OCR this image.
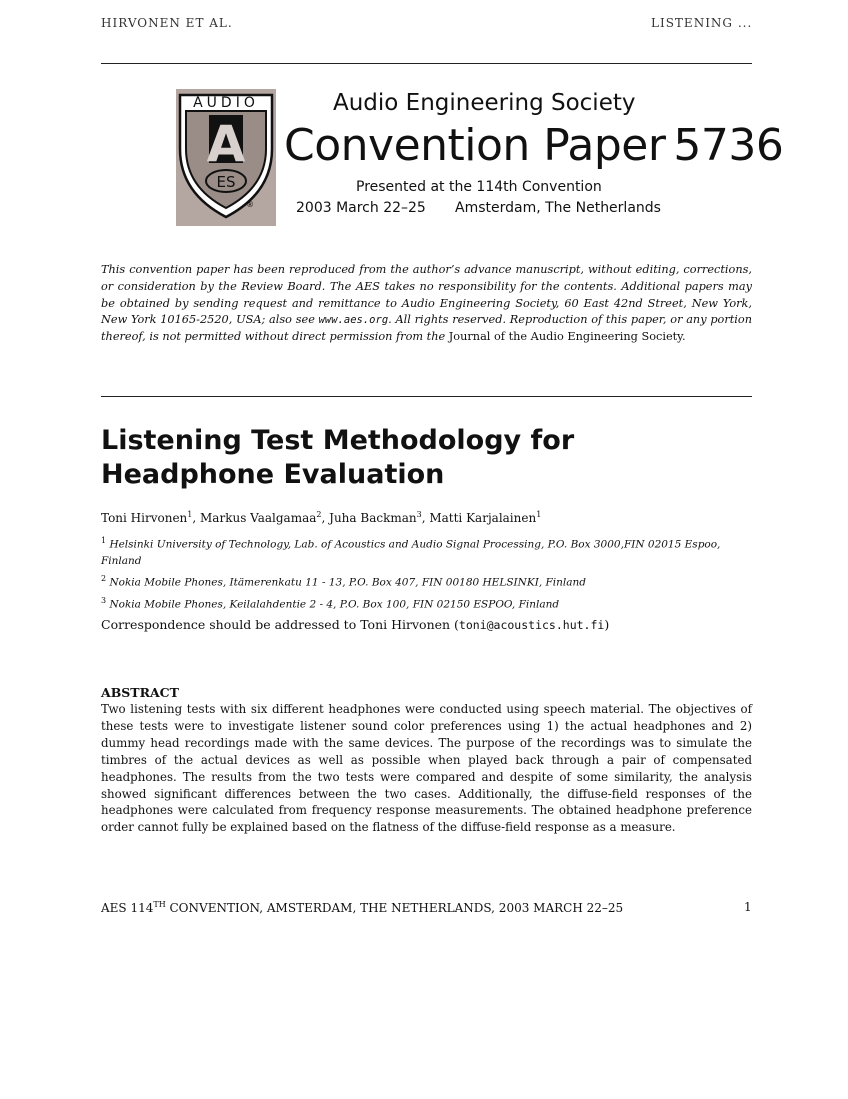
HIRVONEN ET AL.	LISTENING ...
AUDIO
A
ES
®
Audio Engineering Society
Convention Paper 5736
Presented at the 114th Convention
2003 March 22–25 Amsterdam, The Netherlands
This convention paper has been reproduced from the author’s advance manuscript, without editing, corrections, or consideration by the Review Board. The AES takes no responsibility for the contents. Additional papers may be obtained by sending request and remittance to Audio Engineering Society, 60 East 42nd Street, New York, New York 10165-2520, USA; also see www.aes.org. All rights reserved. Reproduction of this paper, or any portion thereof, is not permitted without direct permission from the Journal of the Audio Engineering Society.
Listening Test Methodology for Headphone Evaluation
Toni Hirvonen$^1$, Markus Vaalgamaa$^2$, Juha Backman$^3$, Matti Karjalainen$^1$
$^1$ Helsinki University of Technology, Lab. of Acoustics and Audio Signal Processing, P.O. Box 3000,FIN 02015 Espoo, Finland
$^2$ Nokia Mobile Phones, Itämerenkatu 11 - 13, P.O. Box 407, FIN 00180 HELSINKI, Finland
$^3$ Nokia Mobile Phones, Keilalahdentie 2 - 4, P.O. Box 100, FIN 02150 ESPOO, Finland
Correspondence should be addressed to Toni Hirvonen (toni@acoustics.hut.fi)
ABSTRACT
Two listening tests with six different headphones were conducted using speech material. The objectives of these tests were to investigate listener sound color preferences using 1) the actual headphones and 2) dummy head recordings made with the same devices. The purpose of the recordings was to simulate the timbres of the actual devices as well as possible when played back through a pair of compensated headphones. The results from the two tests were compared and despite of some similarity, the analysis showed significant differences between the two cases. Additionally, the diffuse-field responses of the headphones were calculated from frequency response measurements. The obtained headphone preference order cannot fully be explained based on the flatness of the diffuse-field response as a measure.
AES 114TH CONVENTION, AMSTERDAM, THE NETHERLANDS, 2003 MARCH 22–25	1
